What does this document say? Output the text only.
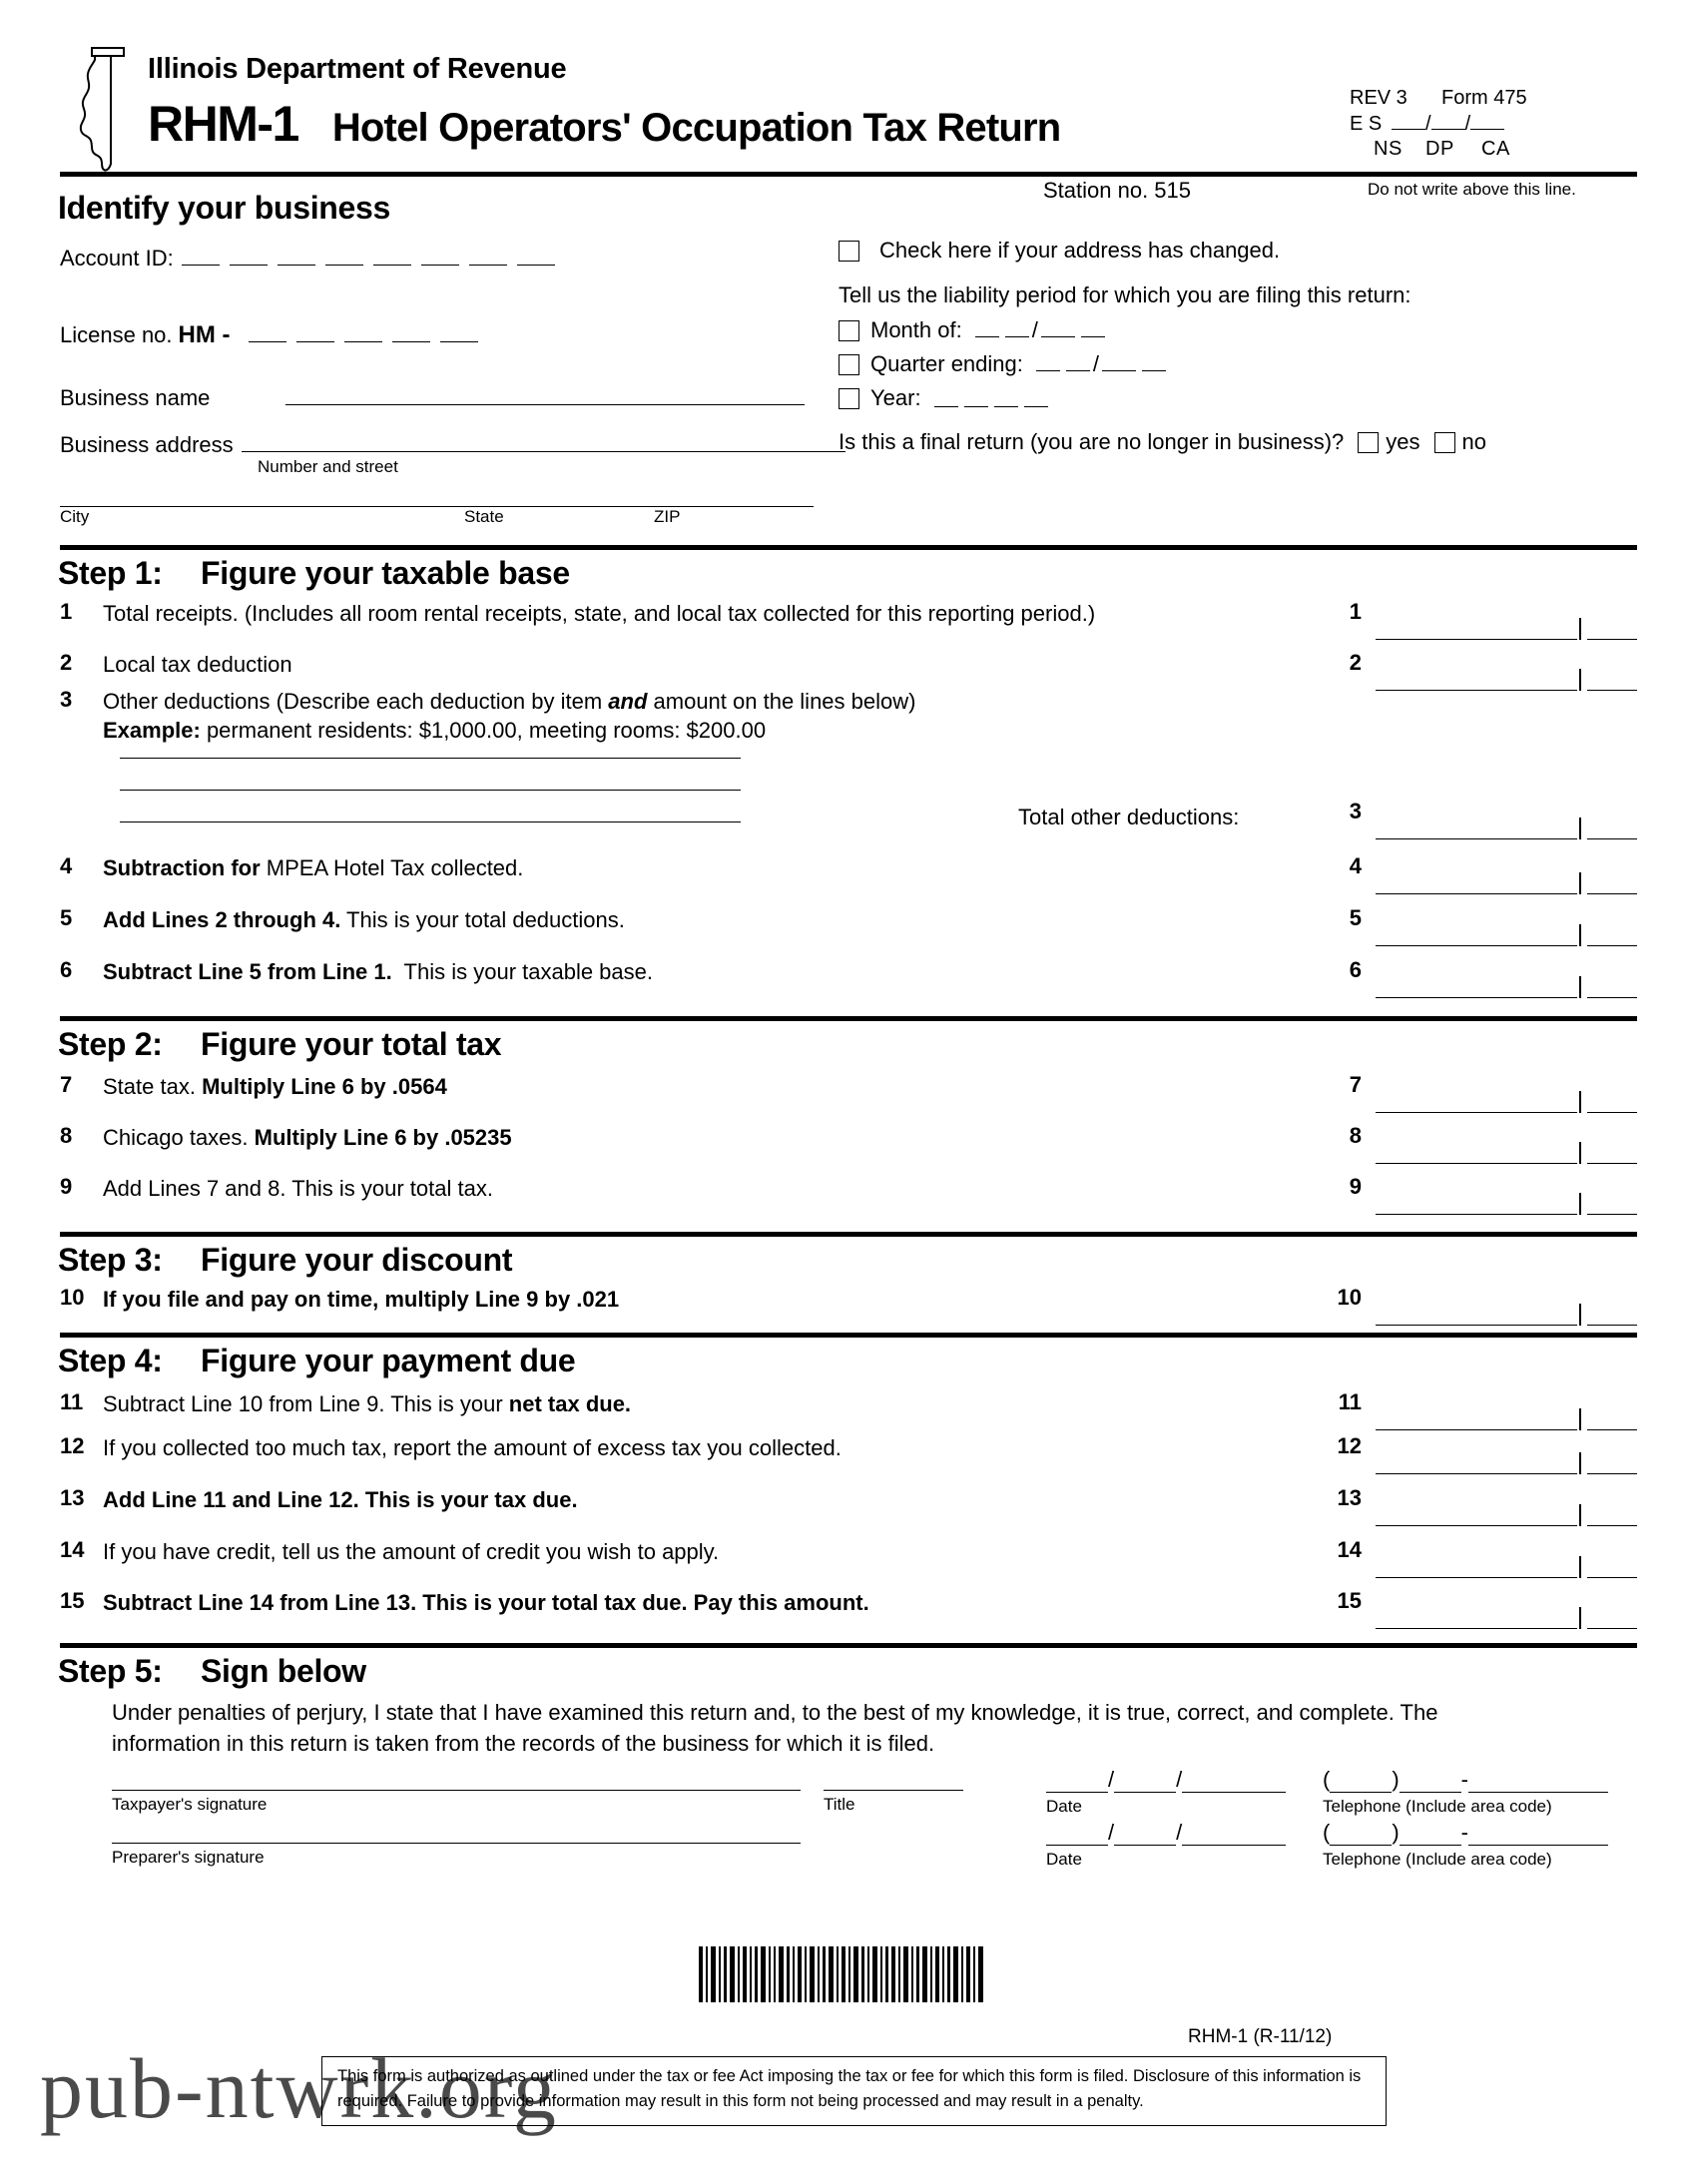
Illinois Department of Revenue
RHM-1 Hotel Operators' Occupation Tax Return
REV 3	Form 475
E S	/ /
NS	DP	CA
Station no. 515	Do not write above this line.
Identify your business
Account ID:
License no. HM -
Business name
Business address
Number and street
City	State	ZIP
Check here if your address has changed.
Tell us the liability period for which you are filing this return:
Month of:	/
Quarter ending:	/
Year:
Is this a final return (you are no longer in business)? yes no
Step 1:	Figure your taxable base
1	Total receipts. (Includes all room rental receipts, state, and local tax collected for this reporting period.)	1
2	Local tax deduction	2
3	Other deductions (Describe each deduction by item and amount on the lines below)
Example: permanent residents: $1,000.00, meeting rooms: $200.00
Total other deductions:	3
4	Subtraction for MPEA Hotel Tax collected.	4
5	Add Lines 2 through 4. This is your total deductions.	5
6	Subtract Line 5 from Line 1.  This is your taxable base.	6
Step 2:	Figure your total tax
7	State tax. Multiply Line 6 by .0564	7
8	Chicago taxes. Multiply Line 6 by .05235	8
9	Add Lines 7 and 8. This is your total tax.	9
Step 3:	Figure your discount
10 If you file and pay on time, multiply Line 9 by .021	10
Step 4:	Figure your payment due
11 Subtract Line 10 from Line 9. This is your net tax due.	11
12 If you collected too much tax, report the amount of excess tax you collected.	12
13 Add Line 11 and Line 12. This is your tax due.	13
14 If you have credit, tell us the amount of credit you wish to apply.	14
15 Subtract Line 14 from Line 13. This is your total tax due. Pay this amount.	15
Step 5:	Sign below
Under penalties of perjury, I state that I have examined this return and, to the best of my knowledge, it is true, correct, and complete. The information in this return is taken from the records of the business for which it is filed.
Taxpayer's signature	Title
/	/
Date
(	)	-
Telephone (Include area code)
Preparer's signature
/	/
Date
(	)	-
Telephone (Include area code)
RHM-1 (R-11/12)
pub-ntwrk.org
This form is authorized as outlined under the tax or fee Act imposing the tax or fee for which this form is filed. Disclosure of this information is required. Failure to provide information may result in this form not being processed and may result in a penalty.
